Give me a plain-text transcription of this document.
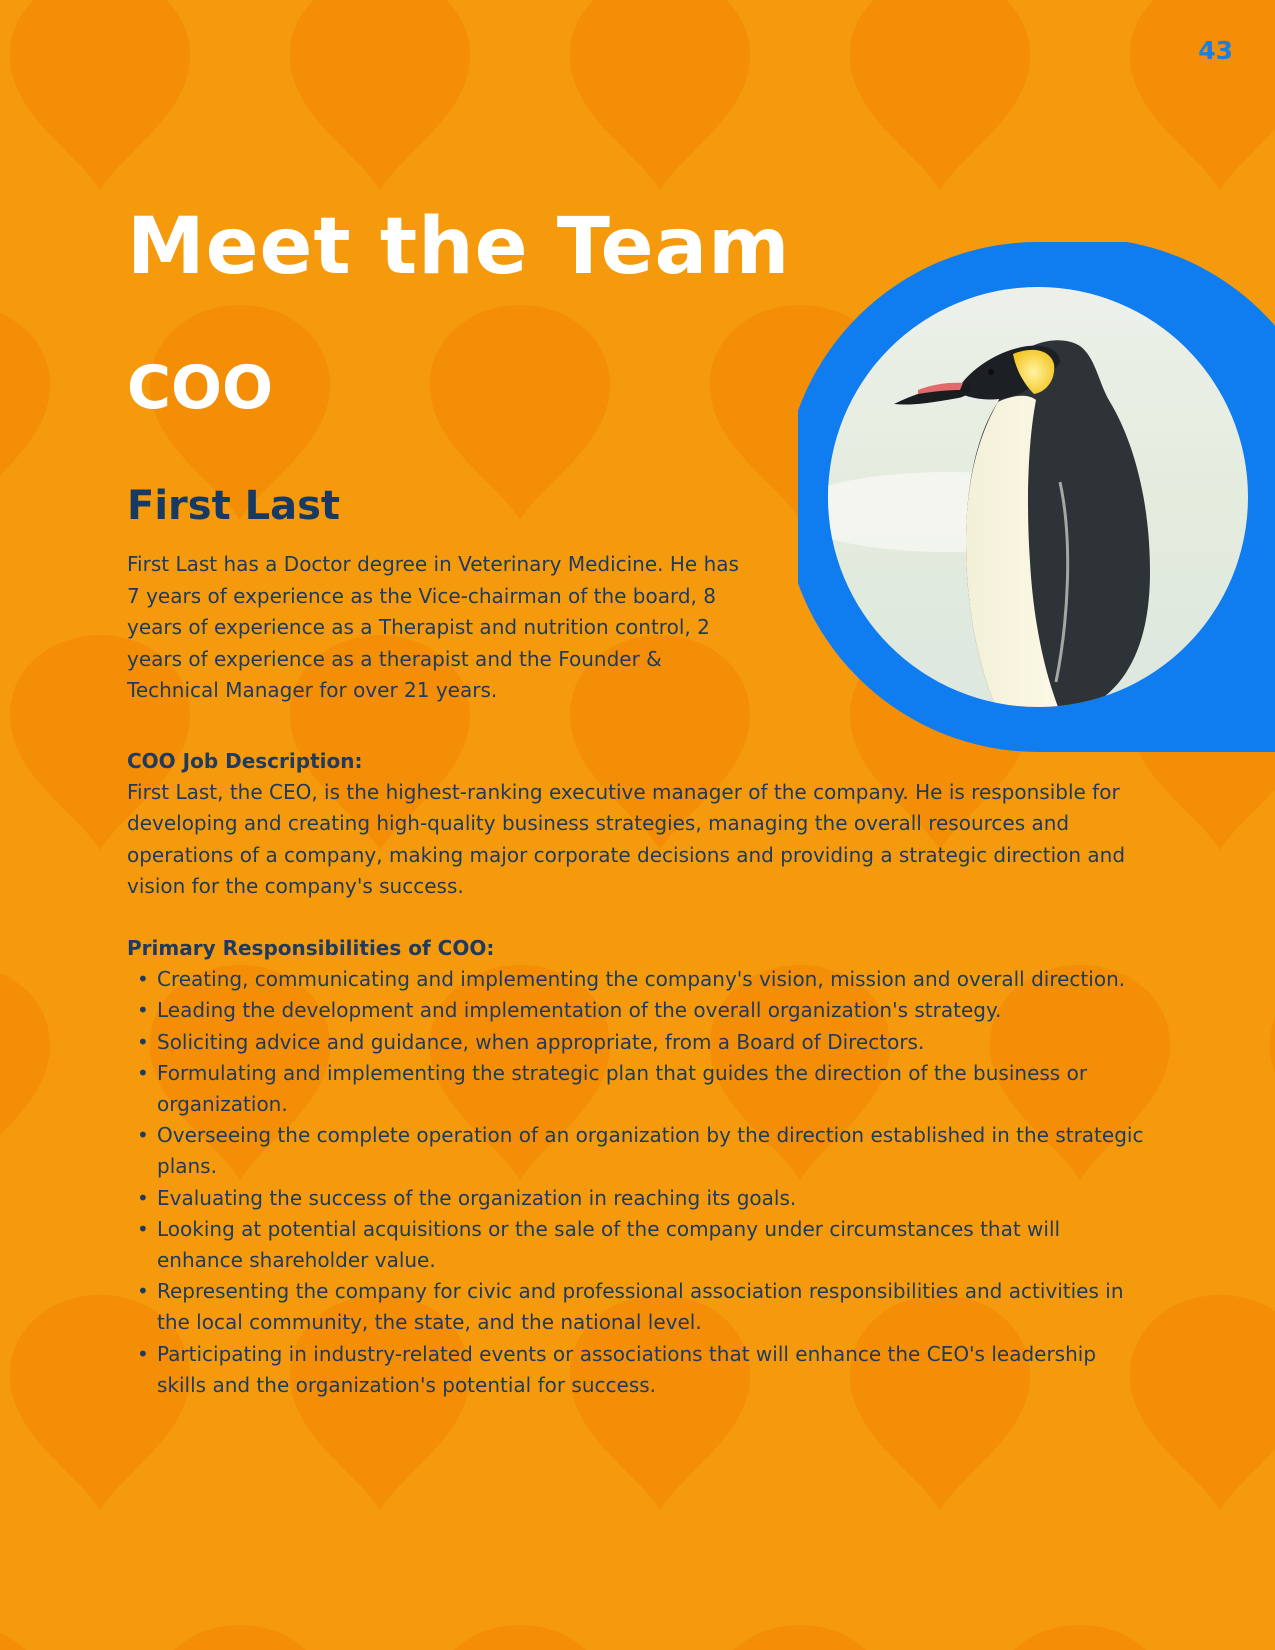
43
Meet the Team
COO
First Last

First Last has a Doctor degree in Veterinary Medicine. He has 7 years of experience as the Vice-chairman of the board, 8 years of experience as a Therapist and nutrition control, 2 years of experience as a therapist and the Founder & Technical Manager for over 21 years.

COO Job Description:

First Last, the CEO, is the highest-ranking executive manager of the company. He is responsible for developing and creating high-quality business strategies, managing the overall resources and operations of a company, making major corporate decisions and providing a strategic direction and vision for the company's success.

Primary Responsibilities of COO:
• Creating, communicating and implementing the company's vision, mission and overall direction.
• Leading the development and implementation of the overall organization's strategy.
• Soliciting advice and guidance, when appropriate, from a Board of Directors.
• Formulating and implementing the strategic plan that guides the direction of the business or organization.
• Overseeing the complete operation of an organization by the direction established in the strategic plans.
• Evaluating the success of the organization in reaching its goals.
• Looking at potential acquisitions or the sale of the company under circumstances that will enhance shareholder value.
• Representing the company for civic and professional association responsibilities and activities in the local community, the state, and the national level.
• Participating in industry-related events or associations that will enhance the CEO's leadership skills and the organization's potential for success.
